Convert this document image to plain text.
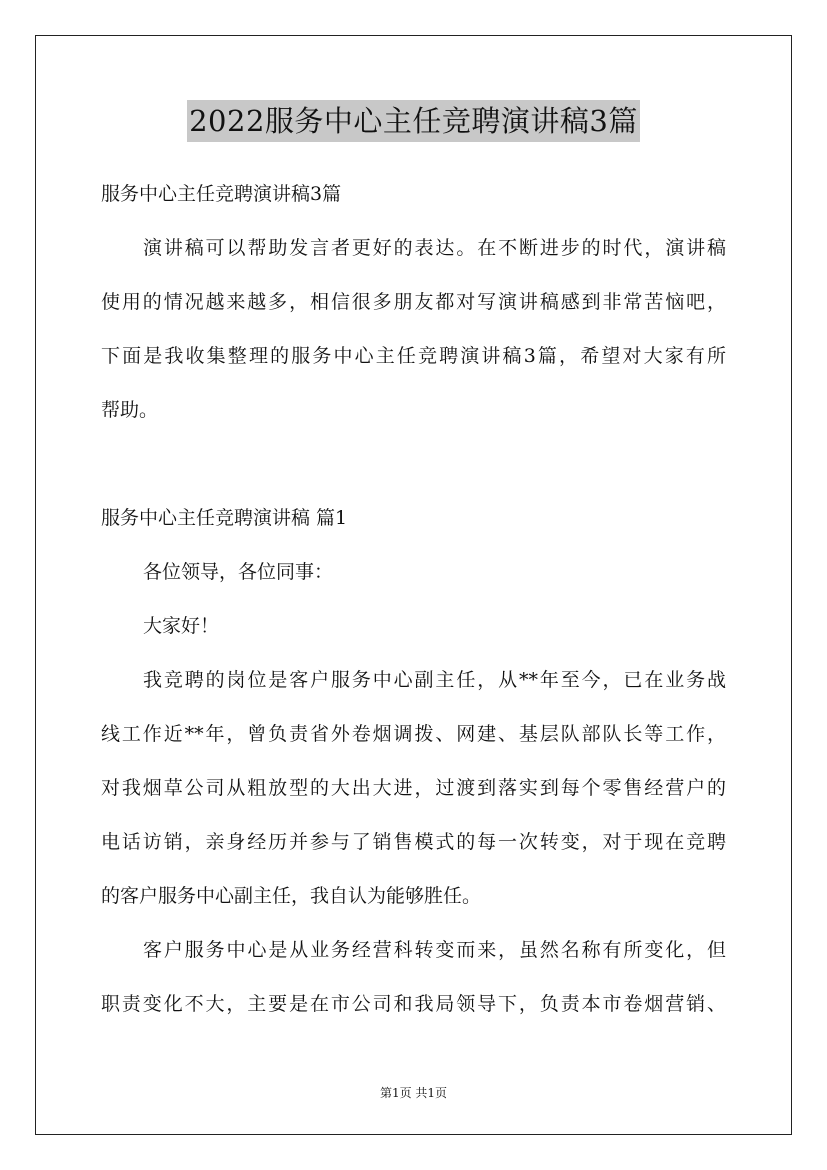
2022服务中心主任竞聘演讲稿3篇
服务中心主任竞聘演讲稿3篇
演讲稿可以帮助发言者更好的表达。在不断进步的时代，演讲稿
使用的情况越来越多，相信很多朋友都对写演讲稿感到非常苦恼吧，
下面是我收集整理的服务中心主任竞聘演讲稿3篇，希望对大家有所
帮助。
服务中心主任竞聘演讲稿 篇1
各位领导，各位同事：
大家好！
我竞聘的岗位是客户服务中心副主任，从**年至今，已在业务战
线工作近**年，曾负责省外卷烟调拨、网建、基层队部队长等工作，
对我烟草公司从粗放型的大出大进，过渡到落实到每个零售经营户的
电话访销，亲身经历并参与了销售模式的每一次转变，对于现在竞聘
的客户服务中心副主任，我自认为能够胜任。
客户服务中心是从业务经营科转变而来，虽然名称有所变化，但
职责变化不大，主要是在市公司和我局领导下，负责本市卷烟营销、
第1页 共1页
